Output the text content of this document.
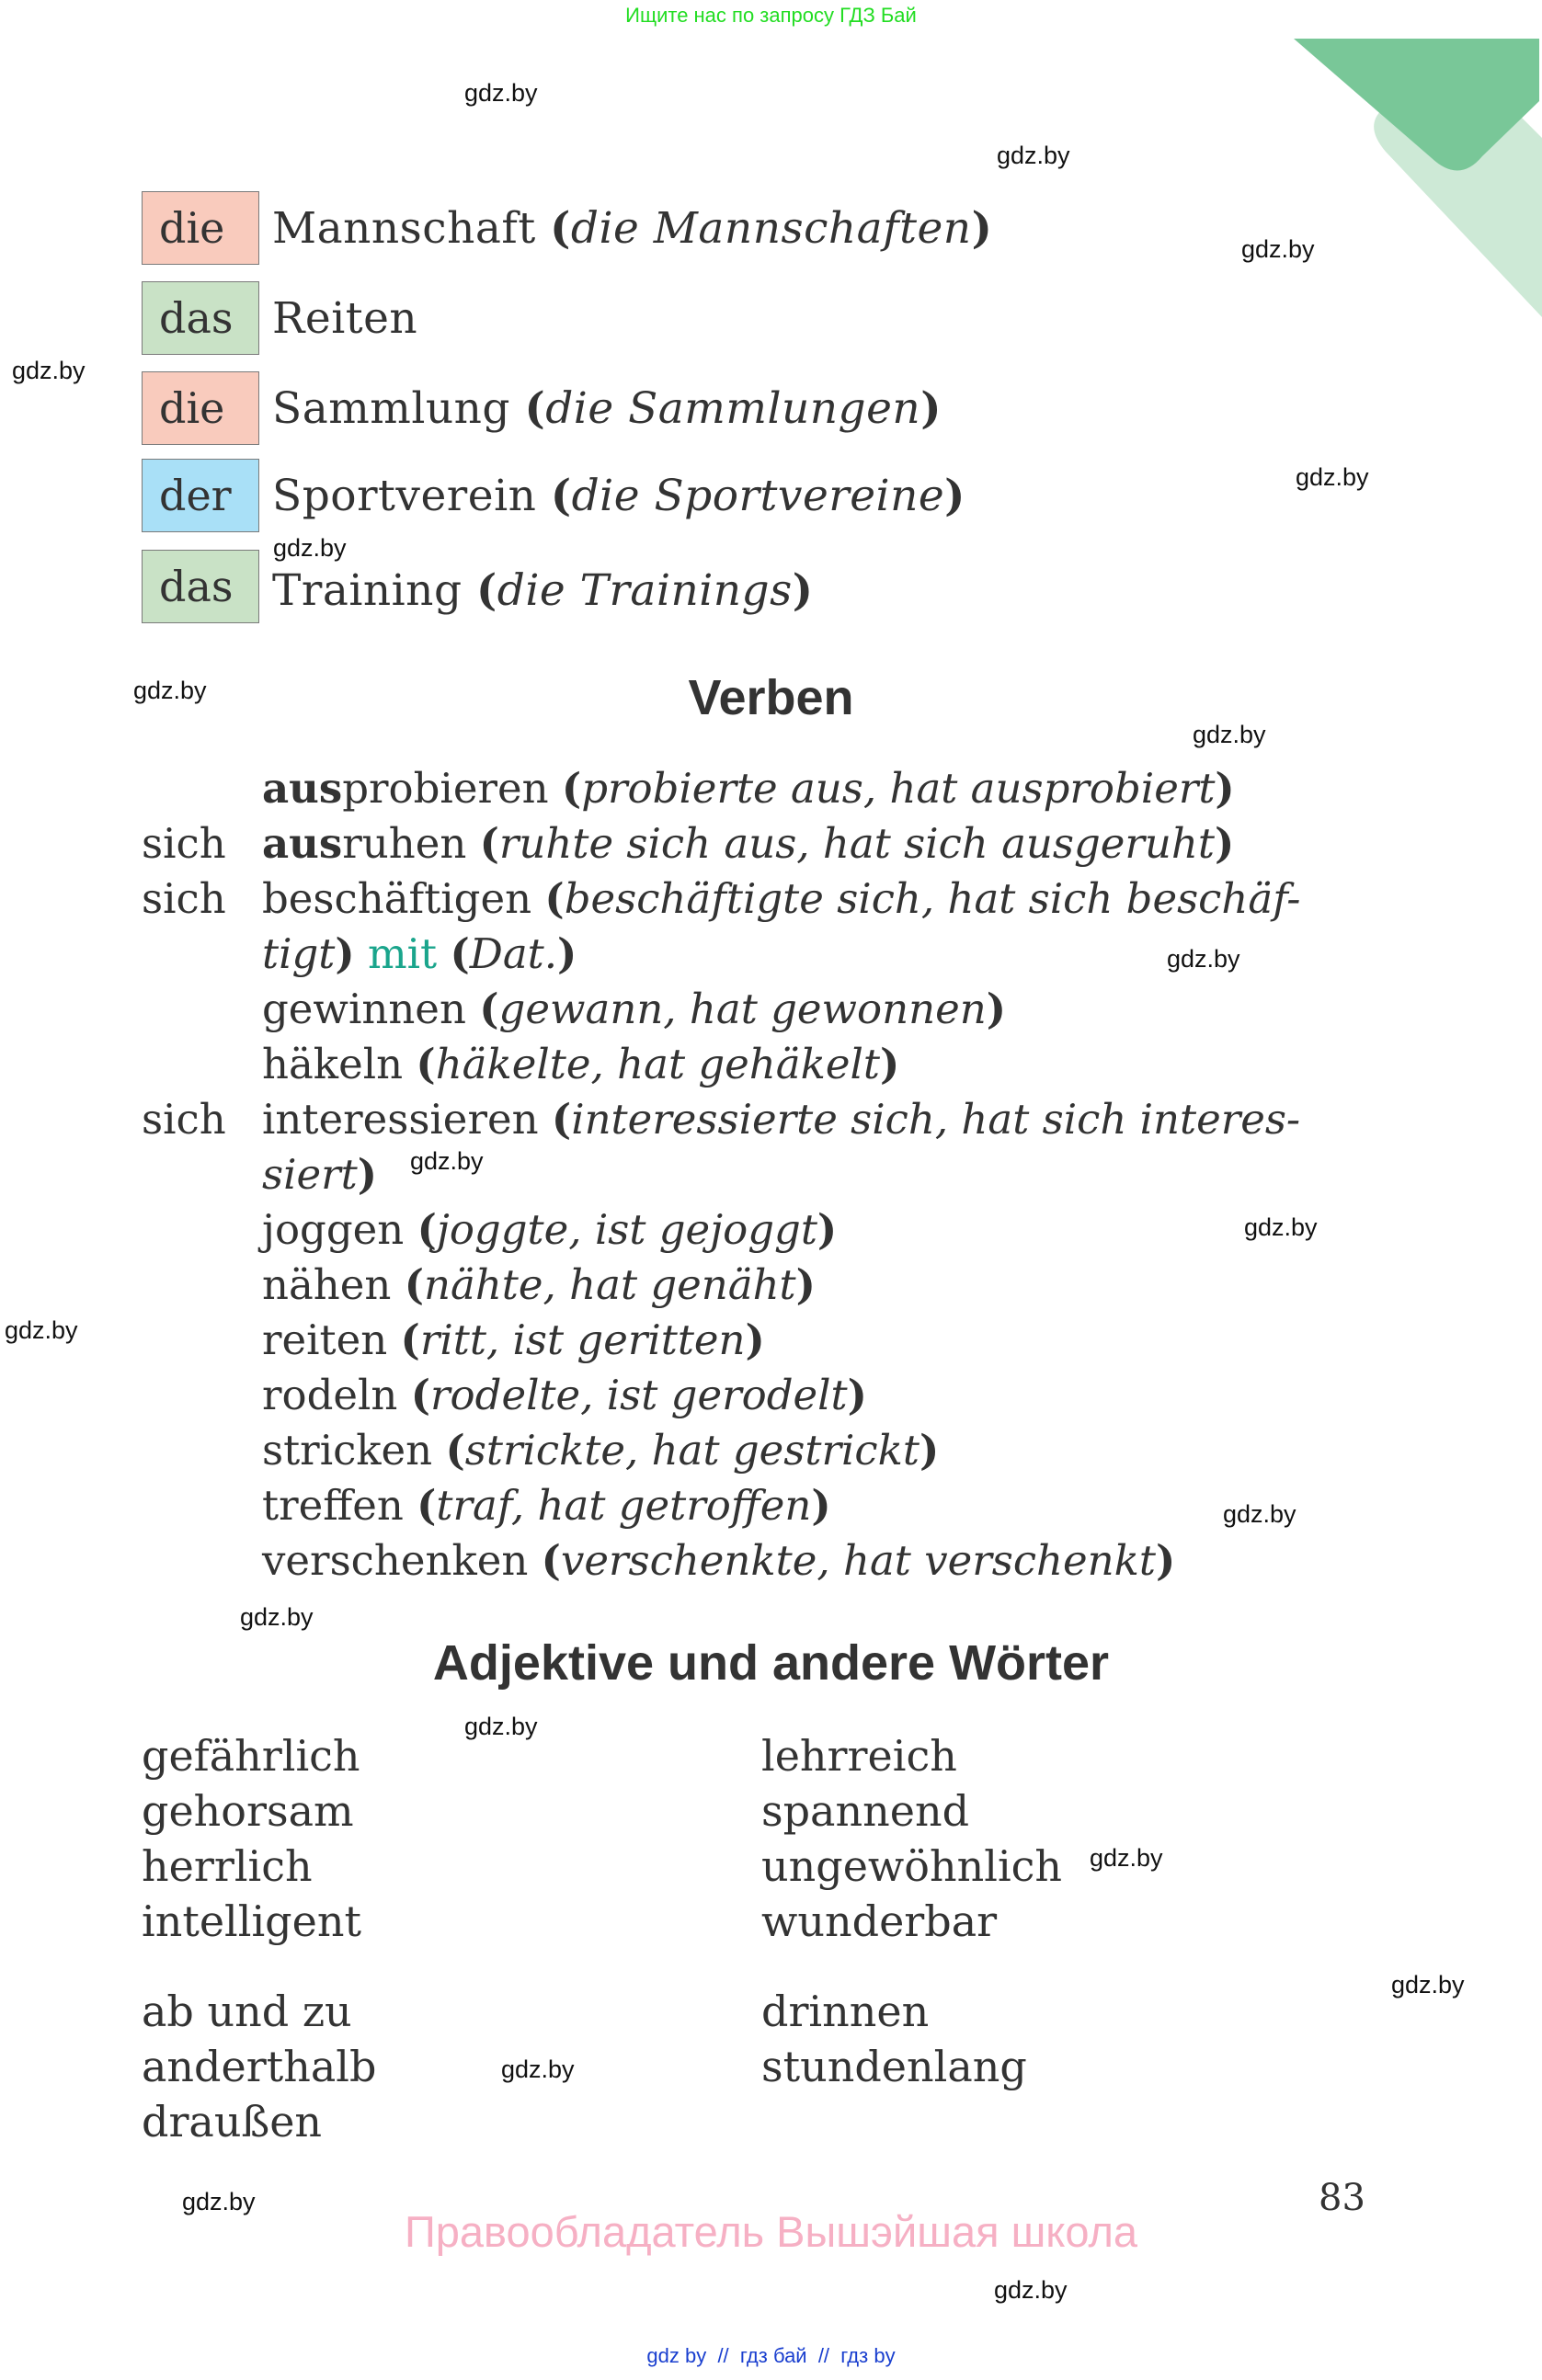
Ищите нас по запросу ГДЗ Бай
die	Mannschaft (die Mannschaften)
das Reiten
die	Sammlung (die Sammlungen)
der Sportverein (die Sportvereine)
das Training (die Trainings)
Verben
ausprobieren (probierte aus, hat ausprobiert)
sich ausruhen (ruhte sich aus, hat sich ausgeruht)
sich beschäftigen (beschäftigte sich, hat sich beschäf-
tigt) mit (Dat.)
gewinnen (gewann, hat gewonnen)
häkeln (häkelte, hat gehäkelt)
sich interessieren (interessierte sich, hat sich interes-
siert)
joggen (joggte, ist gejoggt)
nähen (nähte, hat genäht)
reiten (ritt, ist geritten)
rodeln (rodelte, ist gerodelt)
stricken (strickte, hat gestrickt)
treffen (traf, hat getroffen)
verschenken (verschenkte, hat verschenkt)
Adjektive und andere Wörter
gefährlich
gehorsam
herrlich
intelligent
lehrreich
spannend
ungewöhnlich
wunderbar
ab und zu
anderthalb
draußen
drinnen
stundenlang
83
Правообладатель Вышэйшая школа
gdz by  //  гдз бай  //  гдз by
gdz.by
gdz.by
gdz.by
gdz.by
gdz.by
gdz.by
gdz.by
gdz.by
gdz.by
gdz.by
gdz.by
gdz.by
gdz.by
gdz.by
gdz.by
gdz.by
gdz.by
gdz.by
gdz.by
gdz.by
